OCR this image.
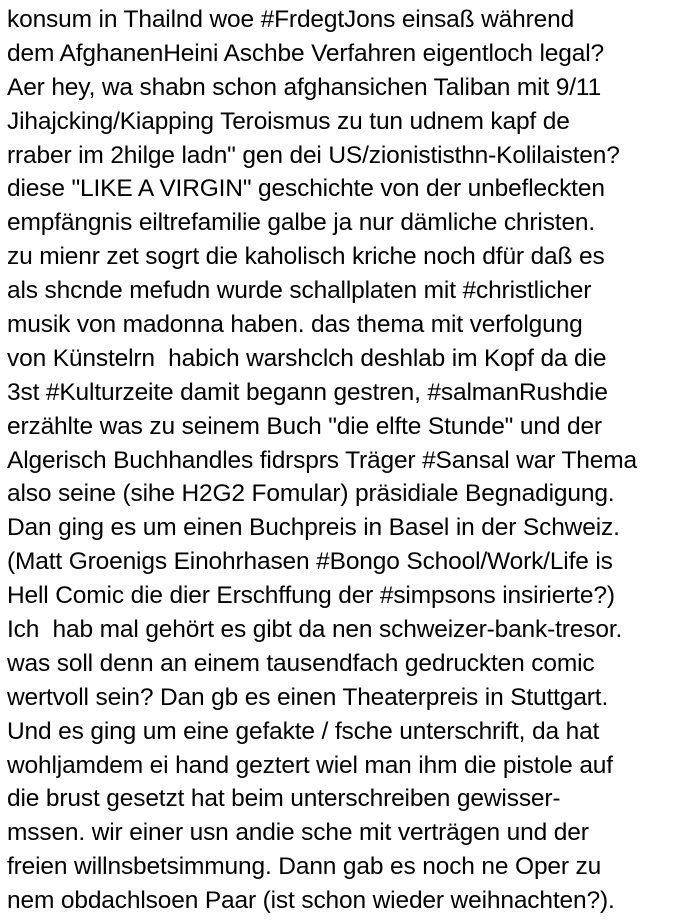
konsum in Thailnd woe #FrdegtJons einsaß während
dem AfghanenHeini Aschbe Verfahren eigentloch legal?
Aer hey, wa shabn schon afghansichen Taliban mit 9/11
Jihajcking/Kiapping Teroismus zu tun udnem kapf de
rraber im 2hilge ladn" gen dei US/zionististhn-Kolilaisten?
diese "LIKE A VIRGIN" geschichte von der unbefleckten
empfängnis eiltrefamilie galbe ja nur dämliche christen.
zu mienr zet sogrt die kaholisch kriche noch dfür daß es
als shcnde mefudn wurde schallplaten mit #christlicher
musik von madonna haben. das thema mit verfolgung
von Künstelrn  habich warshclch deshlab im Kopf da die
3st #Kulturzeite damit begann gestren, #salmanRushdie
erzählte was zu seinem Buch "die elfte Stunde" und der
Algerisch Buchhandles fidrsprs Träger #Sansal war Thema
also seine (sihe H2G2 Fomular) präsidiale Begnadigung.
Dan ging es um einen Buchpreis in Basel in der Schweiz.
(Matt Groenigs Einohrhasen #Bongo School/Work/Life is
Hell Comic die dier Erschffung der #simpsons insirierte?)
Ich  hab mal gehört es gibt da nen schweizer-bank-tresor.
was soll denn an einem tausendfach gedruckten comic
wertvoll sein? Dan gb es einen Theaterpreis in Stuttgart.
Und es ging um eine gefakte / fsche unterschrift, da hat
wohljamdem ei hand geztert wiel man ihm die pistole auf
die brust gesetzt hat beim unterschreiben gewisser-
mssen. wir einer usn andie sche mit verträgen und der
freien willnsbetsimmung. Dann gab es noch ne Oper zu
nem obdachlsoen Paar (ist schon wieder weihnachten?).
